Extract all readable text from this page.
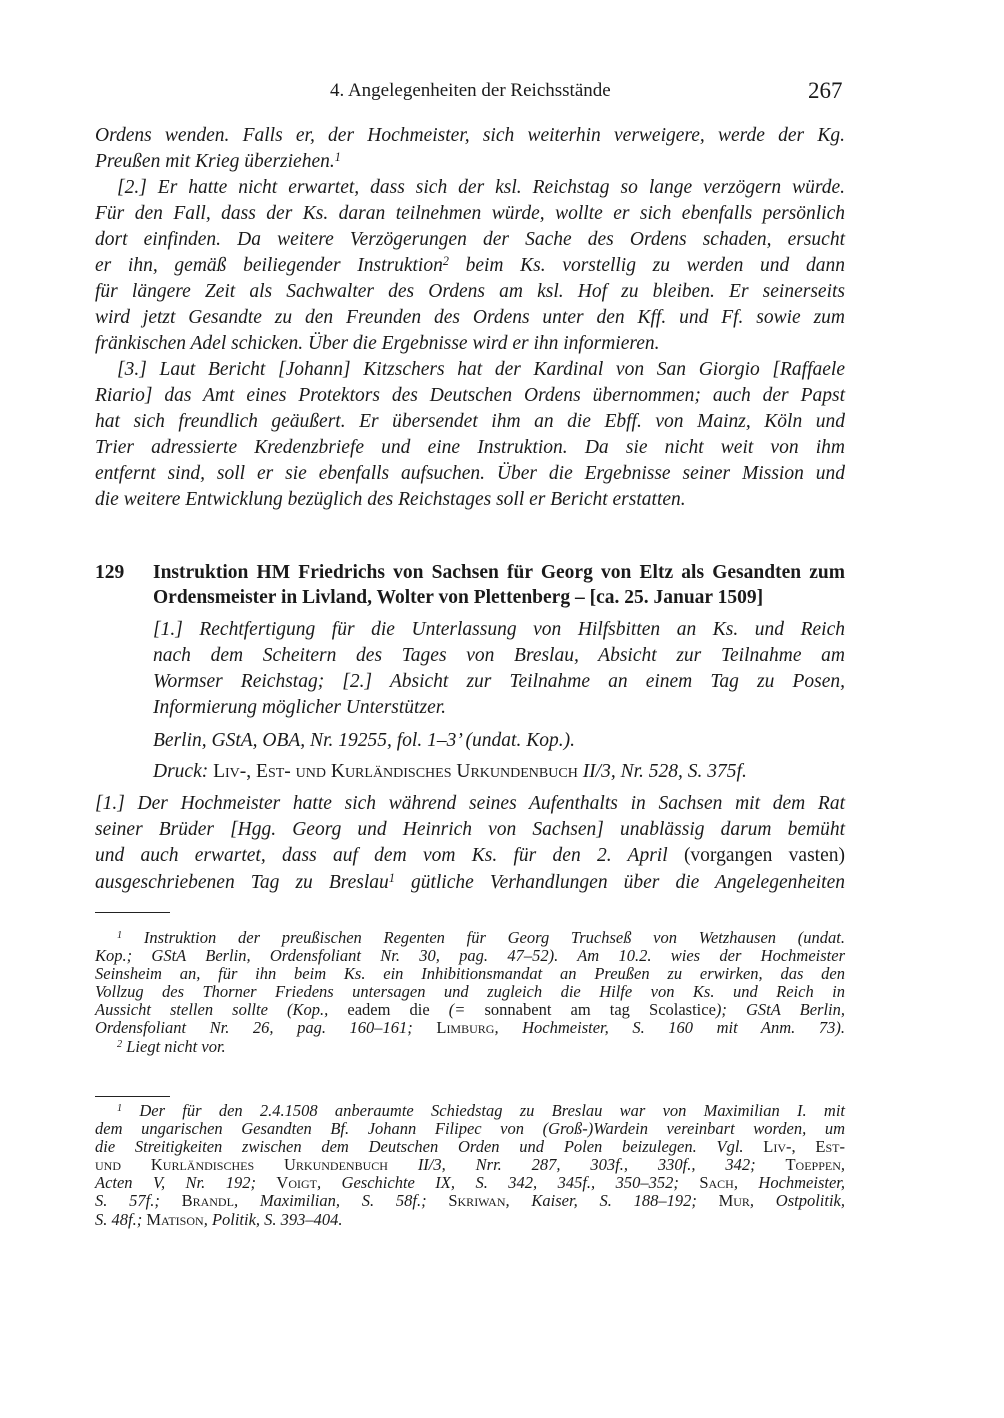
4. Angelegenheiten der Reichsstände	267
Ordens wenden. Falls er, der Hochmeister, sich weiterhin verweigere, werde der Kg.
Preußen mit Krieg überziehen.$^1$
[2.] Er hatte nicht erwartet, dass sich der ksl. Reichstag so lange verzögern würde.
Für den Fall, dass der Ks. daran teilnehmen würde, wollte er sich ebenfalls persönlich
dort einfinden. Da weitere Verzögerungen der Sache des Ordens schaden, ersucht
er ihn, gemäß beiliegender Instruktion$^2$ beim Ks. vorstellig zu werden und dann
für längere Zeit als Sachwalter des Ordens am ksl. Hof zu bleiben. Er seinerseits
wird jetzt Gesandte zu den Freunden des Ordens unter den Kff. und Ff. sowie zum
fränkischen Adel schicken. Über die Ergebnisse wird er ihn informieren.
[3.] Laut Bericht [Johann] Kitzschers hat der Kardinal von San Giorgio [Raffaele
Riario] das Amt eines Protektors des Deutschen Ordens übernommen; auch der Papst
hat sich freundlich geäußert. Er übersendet ihm an die Ebff. von Mainz, Köln und
Trier adressierte Kredenzbriefe und eine Instruktion. Da sie nicht weit von ihm
entfernt sind, soll er sie ebenfalls aufsuchen. Über die Ergebnisse seiner Mission und
die weitere Entwicklung bezüglich des Reichstages soll er Bericht erstatten.
129 Instruktion HM Friedrichs von Sachsen für Georg von Eltz als Gesandten zum
Ordensmeister in Livland, Wolter von Plettenberg – [ca. 25. Januar 1509]
[1.] Rechtfertigung für die Unterlassung von Hilfsbitten an Ks. und Reich
nach dem Scheitern des Tages von Breslau, Absicht zur Teilnahme am
Wormser Reichstag; [2.] Absicht zur Teilnahme an einem Tag zu Posen,
Informierung möglicher Unterstützer.
Berlin, GStA, OBA, Nr. 19255, fol. 1–3’ (undat. Kop.).
Druck: Liv-, Est- und Kurländisches Urkundenbuch II/3, Nr. 528, S. 375f.
[1.] Der Hochmeister hatte sich während seines Aufenthalts in Sachsen mit dem Rat
seiner Brüder [Hgg. Georg und Heinrich von Sachsen] unablässig darum bemüht
und auch erwartet, dass auf dem vom Ks. für den 2. April (vorgangen vasten)
ausgeschriebenen Tag zu Breslau$^1$ gütliche Verhandlungen über die Angelegenheiten
$^1$ Instruktion der preußischen Regenten für Georg Truchseß von Wetzhausen (undat.
Kop.; GStA Berlin, Ordensfoliant Nr. 30, pag. 47–52). Am 10.2. wies der Hochmeister
Seinsheim an, für ihn beim Ks. ein Inhibitionsmandat an Preußen zu erwirken, das den
Vollzug des Thorner Friedens untersagen und zugleich die Hilfe von Ks. und Reich in
Aussicht stellen sollte (Kop., eadem die (= sonnabent am tag Scolastice); GStA Berlin,
Ordensfoliant Nr. 26, pag. 160–161; Limburg, Hochmeister, S. 160 mit Anm. 73).
$^2$ Liegt nicht vor.
$^1$ Der für den 2.4.1508 anberaumte Schiedstag zu Breslau war von Maximilian I. mit
dem ungarischen Gesandten Bf. Johann Filipec von (Groß-)Wardein vereinbart worden, um
die Streitigkeiten zwischen dem Deutschen Orden und Polen beizulegen. Vgl. Liv-, Est-
und Kurländisches Urkundenbuch II/3, Nrr. 287, 303f., 330f., 342; Toeppen,
Acten V, Nr. 192; Voigt, Geschichte IX, S. 342, 345f., 350–352; Sach, Hochmeister,
S. 57f.; Brandl, Maximilian, S. 58f.; Skriwan, Kaiser, S. 188–192; Mur, Ostpolitik,
S. 48f.; Matison, Politik, S. 393–404.
